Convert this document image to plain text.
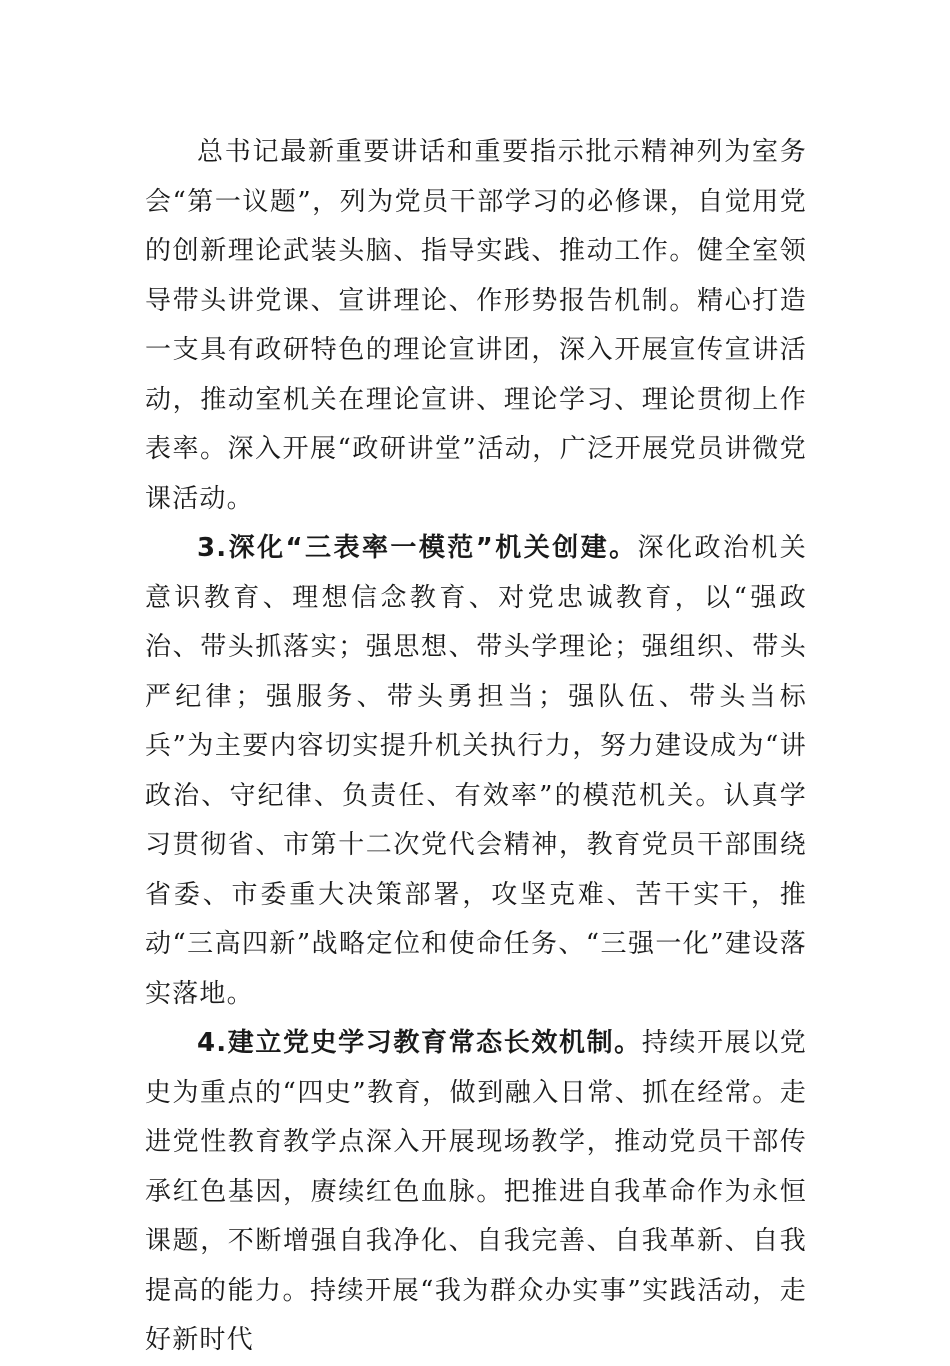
总书记最新重要讲话和重要指示批示精神列为室务会“第一议题”，列为党员干部学习的必修课，自觉用党的创新理论武装头脑、指导实践、推动工作。健全室领导带头讲党课、宣讲理论、作形势报告机制。精心打造一支具有政研特色的理论宣讲团，深入开展宣传宣讲活动，推动室机关在理论宣讲、理论学习、理论贯彻上作表率。深入开展“政研讲堂”活动，广泛开展党员讲微党课活动。

3.深化“三表率一模范”机关创建。深化政治机关意识教育、理想信念教育、对党忠诚教育，以“强政治、带头抓落实；强思想、带头学理论；强组织、带头严纪律；强服务、带头勇担当；强队伍、带头当标兵”为主要内容切实提升机关执行力，努力建设成为“讲政治、守纪律、负责任、有效率”的模范机关。认真学习贯彻省、市第十二次党代会精神，教育党员干部围绕省委、市委重大决策部署，攻坚克难、苦干实干，推动“三高四新”战略定位和使命任务、“三强一化”建设落实落地。

4.建立党史学习教育常态长效机制。持续开展以党史为重点的“四史”教育，做到融入日常、抓在经常。走进党性教育教学点深入开展现场教学，推动党员干部传承红色基因，赓续红色血脉。把推进自我革命作为永恒课题，不断增强自我净化、自我完善、自我革新、自我提高的能力。持续开展“我为群众办实事”实践活动，走好新时代
